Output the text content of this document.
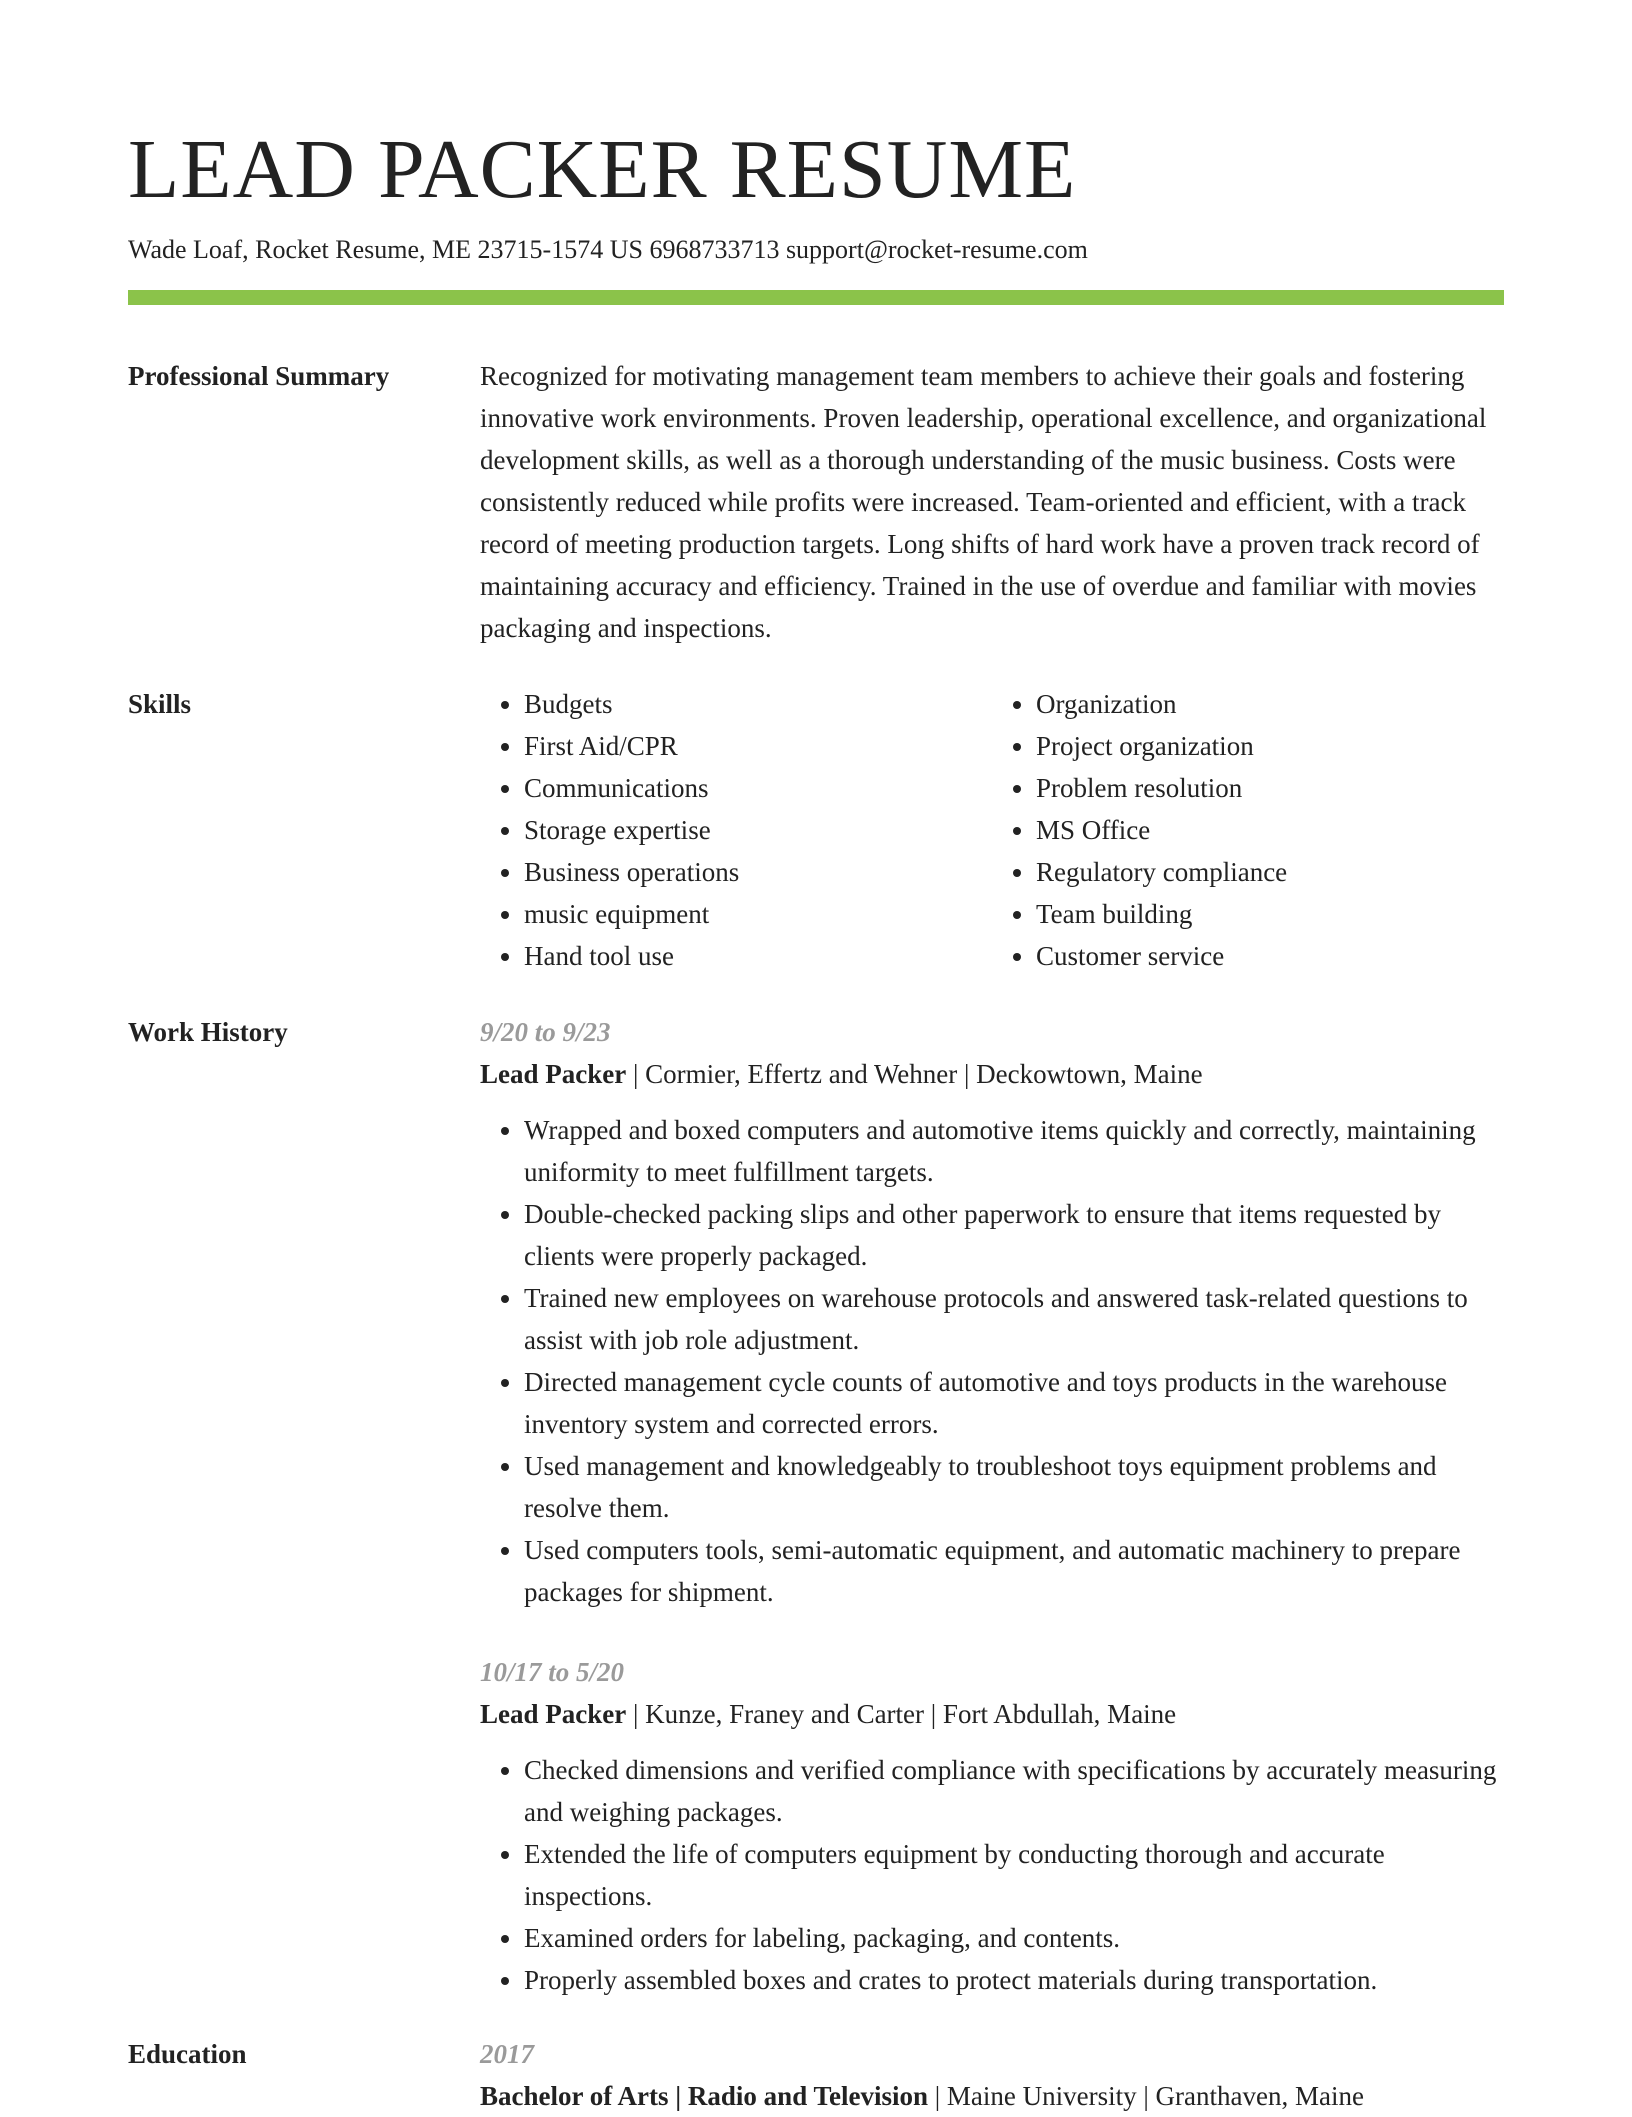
LEAD PACKER RESUME
Wade Loaf, Rocket Resume, ME 23715-1574 US 6968733713 support@rocket-resume.com
Professional Summary	Recognized for motivating management team members to achieve their goals and fostering innovative work environments. Proven leadership, operational excellence, and organizational development skills, as well as a thorough understanding of the music business. Costs were consistently reduced while profits were increased. Team-oriented and efficient, with a track record of meeting production targets. Long shifts of hard work have a proven track record of maintaining accuracy and efficiency. Trained in the use of overdue and familiar with movies packaging and inspections.

Skills
•	Budgets
• First Aid/CPR
• Communications
• Storage expertise
• Business operations
• music equipment
• Hand tool use
• Organization
• Project organization
• Problem resolution
• MS Office
• Regulatory compliance
• Team building
• Customer service
Work History	9/20 to 9/23
Lead Packer | Cormier, Effertz and Wehner | Deckowtown, Maine
• Wrapped and boxed computers and automotive items quickly and correctly, maintaining uniformity to meet fulfillment targets.
• Double-checked packing slips and other paperwork to ensure that items requested by clients were properly packaged.
• Trained new employees on warehouse protocols and answered task-related questions to assist with job role adjustment.
• Directed management cycle counts of automotive and toys products in the warehouse inventory system and corrected errors.
• Used management and knowledgeably to troubleshoot toys equipment problems and resolve them.
• Used computers tools, semi-automatic equipment, and automatic machinery to prepare packages for shipment.
10/17 to 5/20
Lead Packer | Kunze, Franey and Carter | Fort Abdullah, Maine
• Checked dimensions and verified compliance with specifications by accurately measuring and weighing packages.
• Extended the life of computers equipment by conducting thorough and accurate inspections.
• Examined orders for labeling, packaging, and contents.
• Properly assembled boxes and crates to protect materials during transportation.
Education	2017
Bachelor of Arts | Radio and Television | Maine University | Granthaven, Maine
